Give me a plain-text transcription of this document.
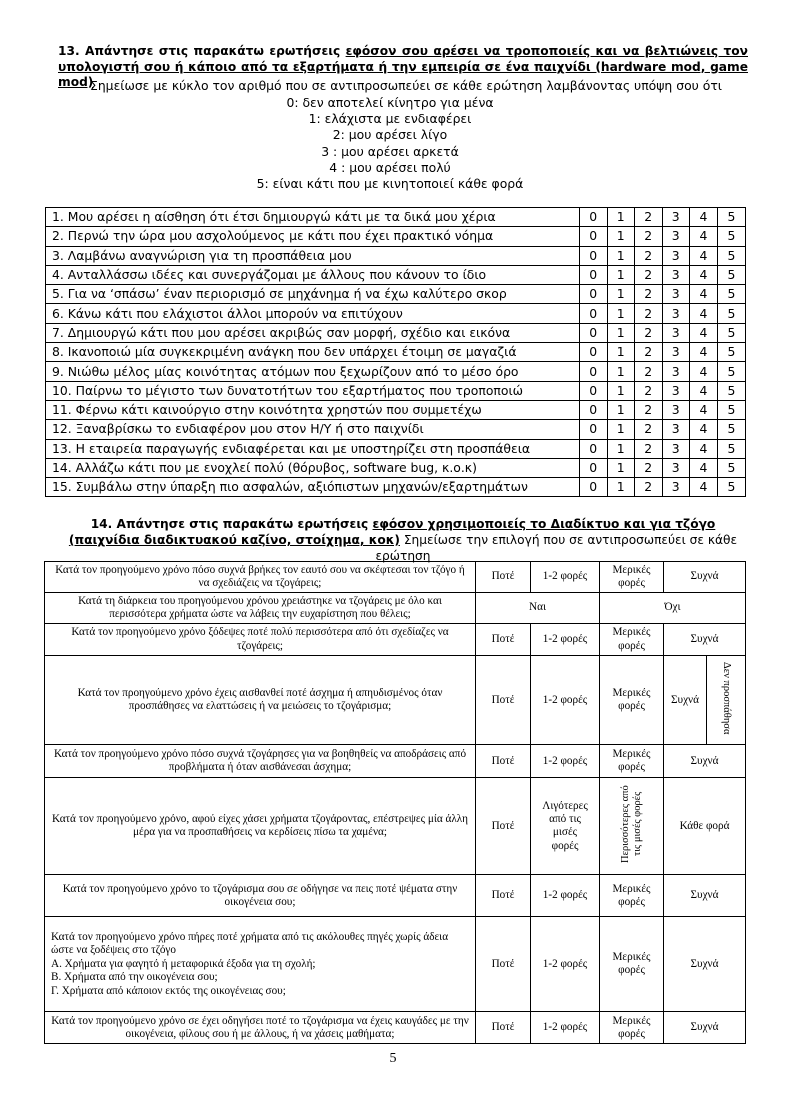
13. Απάντησε στις παρακάτω ερωτήσεις εφόσον σου αρέσει να τροποποιείς και να βελτιώνεις τον υπολογιστή σου ή κάποιο από τα εξαρτήματα ή την εμπειρία σε ένα παιχνίδι (hardware mod, game mod)
Σημείωσε με κύκλο τον αριθμό που σε αντιπροσωπεύει σε κάθε ερώτηση λαμβάνοντας υπόψη σου ότι
0: δεν αποτελεί κίνητρο για μένα
1: ελάχιστα με ενδιαφέρει
2: μου αρέσει λίγο
3 : μου αρέσει αρκετά
4 : μου αρέσει πολύ
5: είναι κάτι που με κινητοποιεί κάθε φορά
1. Μου αρέσει η αίσθηση ότι έτσι δημιουργώ κάτι με τα δικά μου χέρια	0	1	2	3	4	5
2. Περνώ την ώρα μου ασχολούμενος με κάτι που έχει πρακτικό νόημα	0	1	2	3	4	5
3. Λαμβάνω αναγνώριση για τη προσπάθεια μου	0	1	2	3	4	5
4. Ανταλλάσσω ιδέες και συνεργάζομαι με άλλους που κάνουν το ίδιο	0	1	2	3	4	5
5. Για να ‘σπάσω’ έναν περιορισμό σε μηχάνημα ή να έχω καλύτερο σκορ	0	1	2	3	4	5
6. Κάνω κάτι που ελάχιστοι άλλοι μπορούν να επιτύχουν	0	1	2	3	4	5
7. Δημιουργώ κάτι που μου αρέσει ακριβώς σαν μορφή, σχέδιο και εικόνα	0	1	2	3	4	5
8. Ικανοποιώ μία συγκεκριμένη ανάγκη που δεν υπάρχει έτοιμη σε μαγαζιά	0	1	2	3	4	5
9. Νιώθω μέλος μίας κοινότητας ατόμων που ξεχωρίζουν από το μέσο όρο	0	1	2	3	4	5
10. Παίρνω το μέγιστο των δυνατοτήτων του εξαρτήματος που τροποποιώ	0	1	2	3	4	5
11. Φέρνω κάτι καινούργιο στην κοινότητα χρηστών που συμμετέχω	0	1	2	3	4	5
12. Ξαναβρίσκω το ενδιαφέρον μου στον Η/Υ ή στο παιχνίδι	0	1	2	3	4	5
13. Η εταιρεία παραγωγής ενδιαφέρεται και με υποστηρίζει στη προσπάθεια	0	1	2	3	4	5
14. Αλλάζω κάτι που με ενοχλεί πολύ (θόρυβος, software bug, κ.ο.κ)	0	1	2	3	4	5
15. Συμβάλω στην ύπαρξη πιο ασφαλών, αξιόπιστων μηχανών/εξαρτημάτων	0	1	2	3	4	5
14. Απάντησε στις παρακάτω ερωτήσεις εφόσον χρησιμοποιείς το Διαδίκτυο και για τζόγο (παιχνίδια διαδικτυακού καζίνο, στοίχημα, κοκ) Σημείωσε την επιλογή που σε αντιπροσωπεύει σε κάθε ερώτηση
Κατά τον προηγούμενο χρόνο πόσο συχνά βρήκες τον εαυτό σου να σκέφτεσαι τον τζόγο ή να σχεδιάζεις να τζογάρεις;	Ποτέ	1-2 φορές	Μερικές φορές	Συχνά	
Κατά τη διάρκεια του προηγούμενου χρόνου χρειάστηκε να τζογάρεις με όλο και περισσότερα χρήματα ώστε να λάβεις την ευχαρίστηση που θέλεις;	Ναι		Όχι		
Κατά τον προηγούμενο χρόνο ξόδεψες ποτέ πολύ περισσότερα από ότι σχεδίαζες να τζογάρεις;	Ποτέ	1-2 φορές	Μερικές φορές	Συχνά	
Κατά τον προηγούμενο χρόνο έχεις αισθανθεί ποτέ άσχημα ή απηυδισμένος όταν προσπάθησες να ελαττώσεις ή να μειώσεις το τζογάρισμα;	Ποτέ	1-2 φορές	Μερικές φορές	Συχνά	Δεν προσπάθησα
Κατά τον προηγούμενο χρόνο πόσο συχνά τζογάρησες για να βοηθηθείς να αποδράσεις από προβλήματα ή όταν αισθάνεσαι άσχημα;	Ποτέ	1-2 φορές	Μερικές φορές	Συχνά	
Κατά τον προηγούμενο χρόνο, αφού είχες χάσει χρήματα τζογάροντας, επέστρεψες μία άλλη μέρα για να προσπαθήσεις να κερδίσεις πίσω τα χαμένα;	Ποτέ	Λιγότερες από τις μισές φορές	Περισσότερες από τις μισές φορές	Κάθε φορά	
Κατά τον προηγούμενο χρόνο το τζογάρισμα σου σε οδήγησε να πεις ποτέ ψέματα στην οικογένεια σου;	Ποτέ	1-2 φορές	Μερικές φορές	Συχνά	

Κατά τον προηγούμενο χρόνο πήρες ποτέ χρήματα από τις ακόλουθες πηγές χωρίς άδεια ώστε να ξοδέψεις στο τζόγο
Α. Χρήματα για φαγητό ή μεταφορικά έξοδα για τη σχολή;
Β. Χρήματα από την οικογένεια σου;
Γ. Χρήματα από κάποιον εκτός της οικογένειας σου;	Ποτέ	1-2 φορές	Μερικές φορές	Συχνά	
Κατά τον προηγούμενο χρόνο σε έχει οδηγήσει ποτέ το τζογάρισμα να έχεις καυγάδες με την οικογένεια, φίλους σου ή με άλλους, ή να χάσεις μαθήματα;	Ποτέ	1-2 φορές	Μερικές φορές	Συχνά	
5
